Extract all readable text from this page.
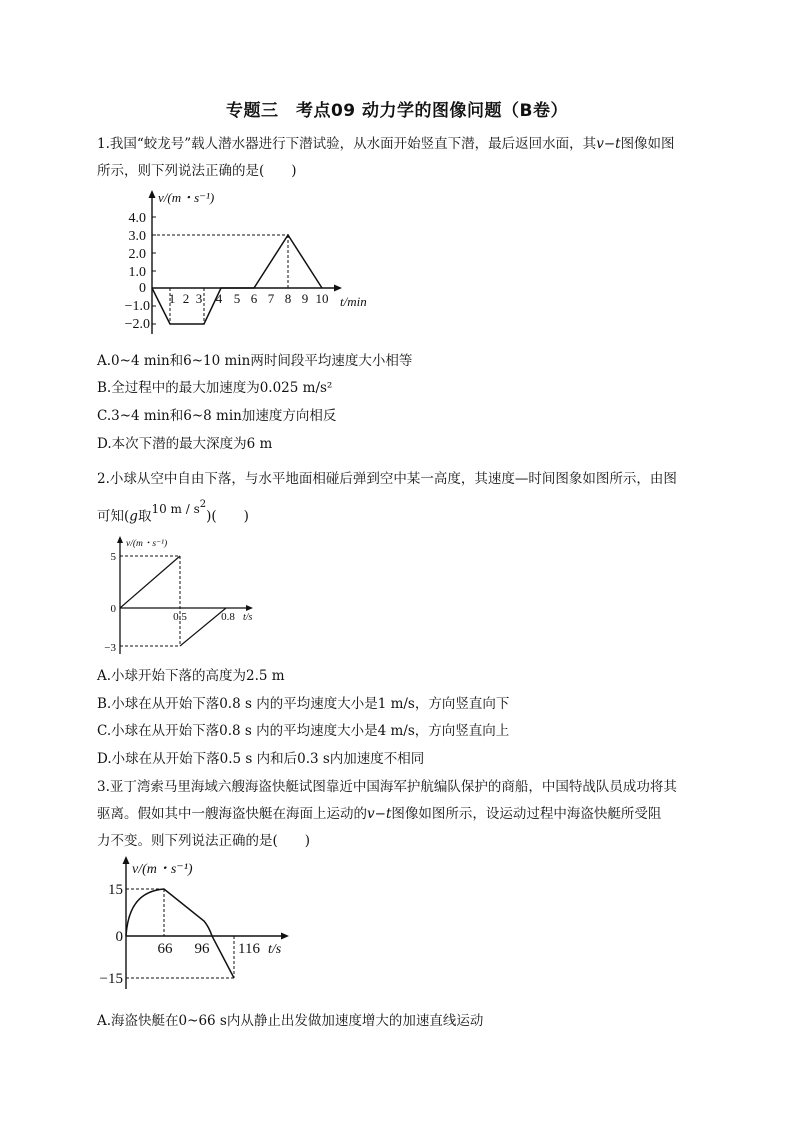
专题三　考点09 动力学的图像问题（B卷）
1.我国“蛟龙号”载人潜水器进行下潜试验，从水面开始竖直下潜，最后返回水面，其v−t图像如图
所示，则下列说法正确的是(　　)
v/(m・s⁻¹)
t/min
4.0
3.0
2.0
1.0
0
−1.0
−2.0
1 2 3 4 5 6 7 8 9 10
A.0~4 min和6~10 min两时间段平均速度大小相等
B.全过程中的最大加速度为0.025 m/s²
C.3~4 min和6~8 min加速度方向相反
D.本次下潜的最大深度为6 m
2.小球从空中自由下落，与水平地面相碰后弹到空中某一高度，其速度—时间图象如图所示，由图
可知(g取10 m / $s^2$)(　　)
v/(m・s⁻¹)
t/s
5
0
−3
0.5	0.8
A.小球开始下落的高度为2.5 m
B.小球在从开始下落0.8 s 内的平均速度大小是1 m/s，方向竖直向下
C.小球在从开始下落0.8 s 内的平均速度大小是4 m/s，方向竖直向上
D.小球在从开始下落0.5 s 内和后0.3 s内加速度不相同
3.亚丁湾索马里海域六艘海盗快艇试图靠近中国海军护航编队保护的商船，中国特战队员成功将其
驱离。假如其中一艘海盗快艇在海面上运动的v−t图像如图所示，设运动过程中海盗快艇所受阻
力不变。则下列说法正确的是(　　)
v/(m・s⁻¹)
t/s
15
0
−15
66 96 116
A.海盗快艇在0~66 s内从静止出发做加速度增大的加速直线运动
